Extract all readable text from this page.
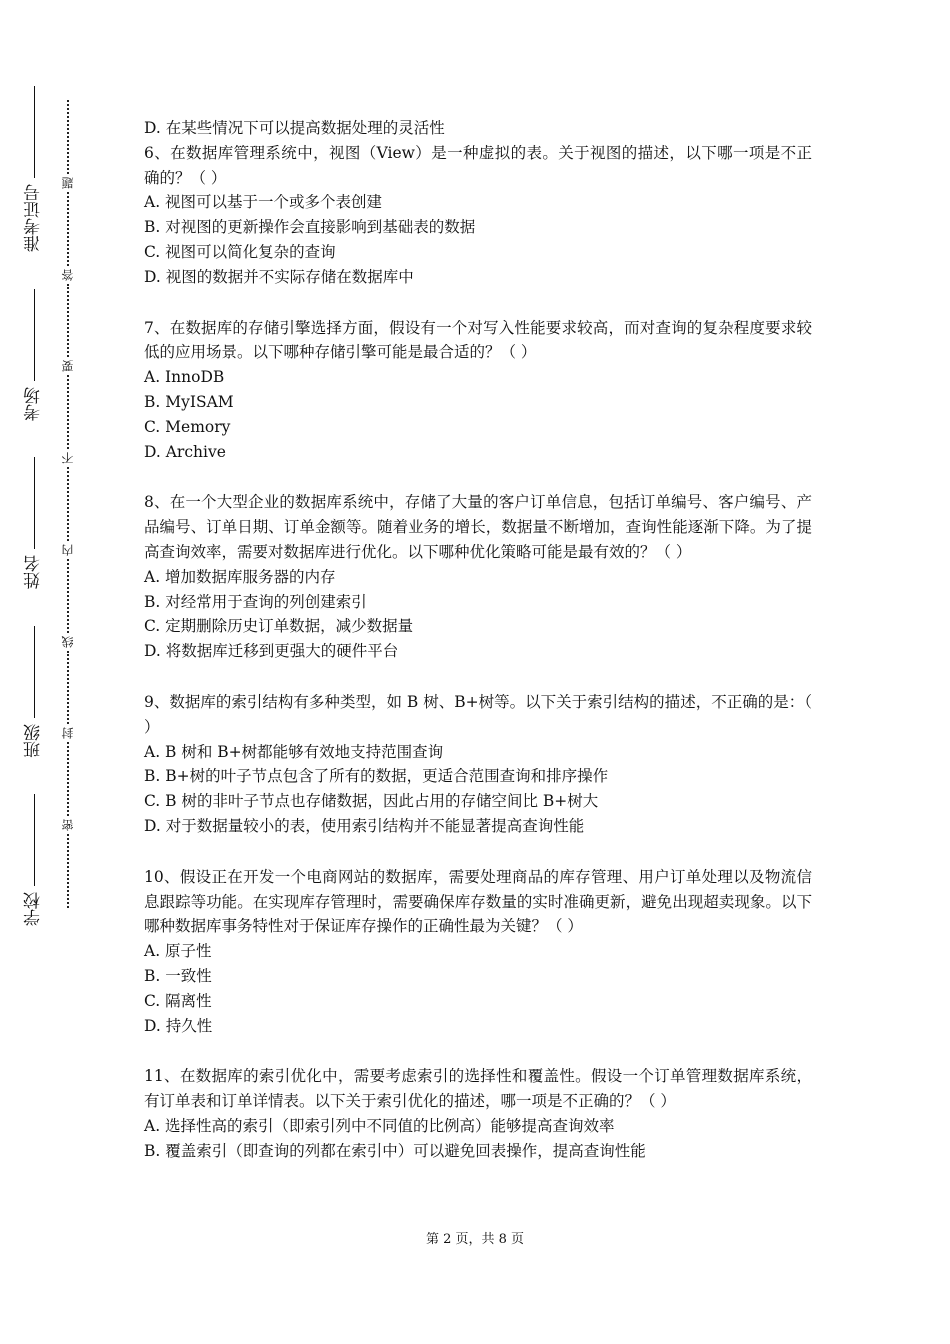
学校
班级
姓名
考场
准考证号
密
封
线
内
不
要
答
题

D. 在某些情况下可以提高数据处理的灵活性

6、在数据库管理系统中，视图（View）是一种虚拟的表。关于视图的描述，以下哪一项是不正确的？（ ）

A. 视图可以基于一个或多个表创建

B. 对视图的更新操作会直接影响到基础表的数据

C. 视图可以简化复杂的查询

D. 视图的数据并不实际存储在数据库中

7、在数据库的存储引擎选择方面，假设有一个对写入性能要求较高，而对查询的复杂程度要求较低的应用场景。以下哪种存储引擎可能是最合适的？（ ）

A. InnoDB

B. MyISAM

C. Memory

D. Archive

8、在一个大型企业的数据库系统中，存储了大量的客户订单信息，包括订单编号、客户编号、产品编号、订单日期、订单金额等。随着业务的增长，数据量不断增加，查询性能逐渐下降。为了提高查询效率，需要对数据库进行优化。以下哪种优化策略可能是最有效的？（ ）

A. 增加数据库服务器的内存

B. 对经常用于查询的列创建索引

C. 定期删除历史订单数据，减少数据量

D. 将数据库迁移到更强大的硬件平台

9、数据库的索引结构有多种类型，如 B 树、B+树等。以下关于索引结构的描述，不正确的是：（ ）

A. B 树和 B+树都能够有效地支持范围查询

B. B+树的叶子节点包含了所有的数据，更适合范围查询和排序操作

C. B 树的非叶子节点也存储数据，因此占用的存储空间比 B+树大

D. 对于数据量较小的表，使用索引结构并不能显著提高查询性能

10、假设正在开发一个电商网站的数据库，需要处理商品的库存管理、用户订单处理以及物流信息跟踪等功能。在实现库存管理时，需要确保库存数量的实时准确更新，避免出现超卖现象。以下哪种数据库事务特性对于保证库存操作的正确性最为关键？（ ）

A. 原子性

B. 一致性

C. 隔离性

D. 持久性

11、在数据库的索引优化中，需要考虑索引的选择性和覆盖性。假设一个订单管理数据库系统，有订单表和订单详情表。以下关于索引优化的描述，哪一项是不正确的？（ ）

A. 选择性高的索引（即索引列中不同值的比例高）能够提高查询效率

B. 覆盖索引（即查询的列都在索引中）可以避免回表操作，提高查询性能

第 2 页，共 8 页
